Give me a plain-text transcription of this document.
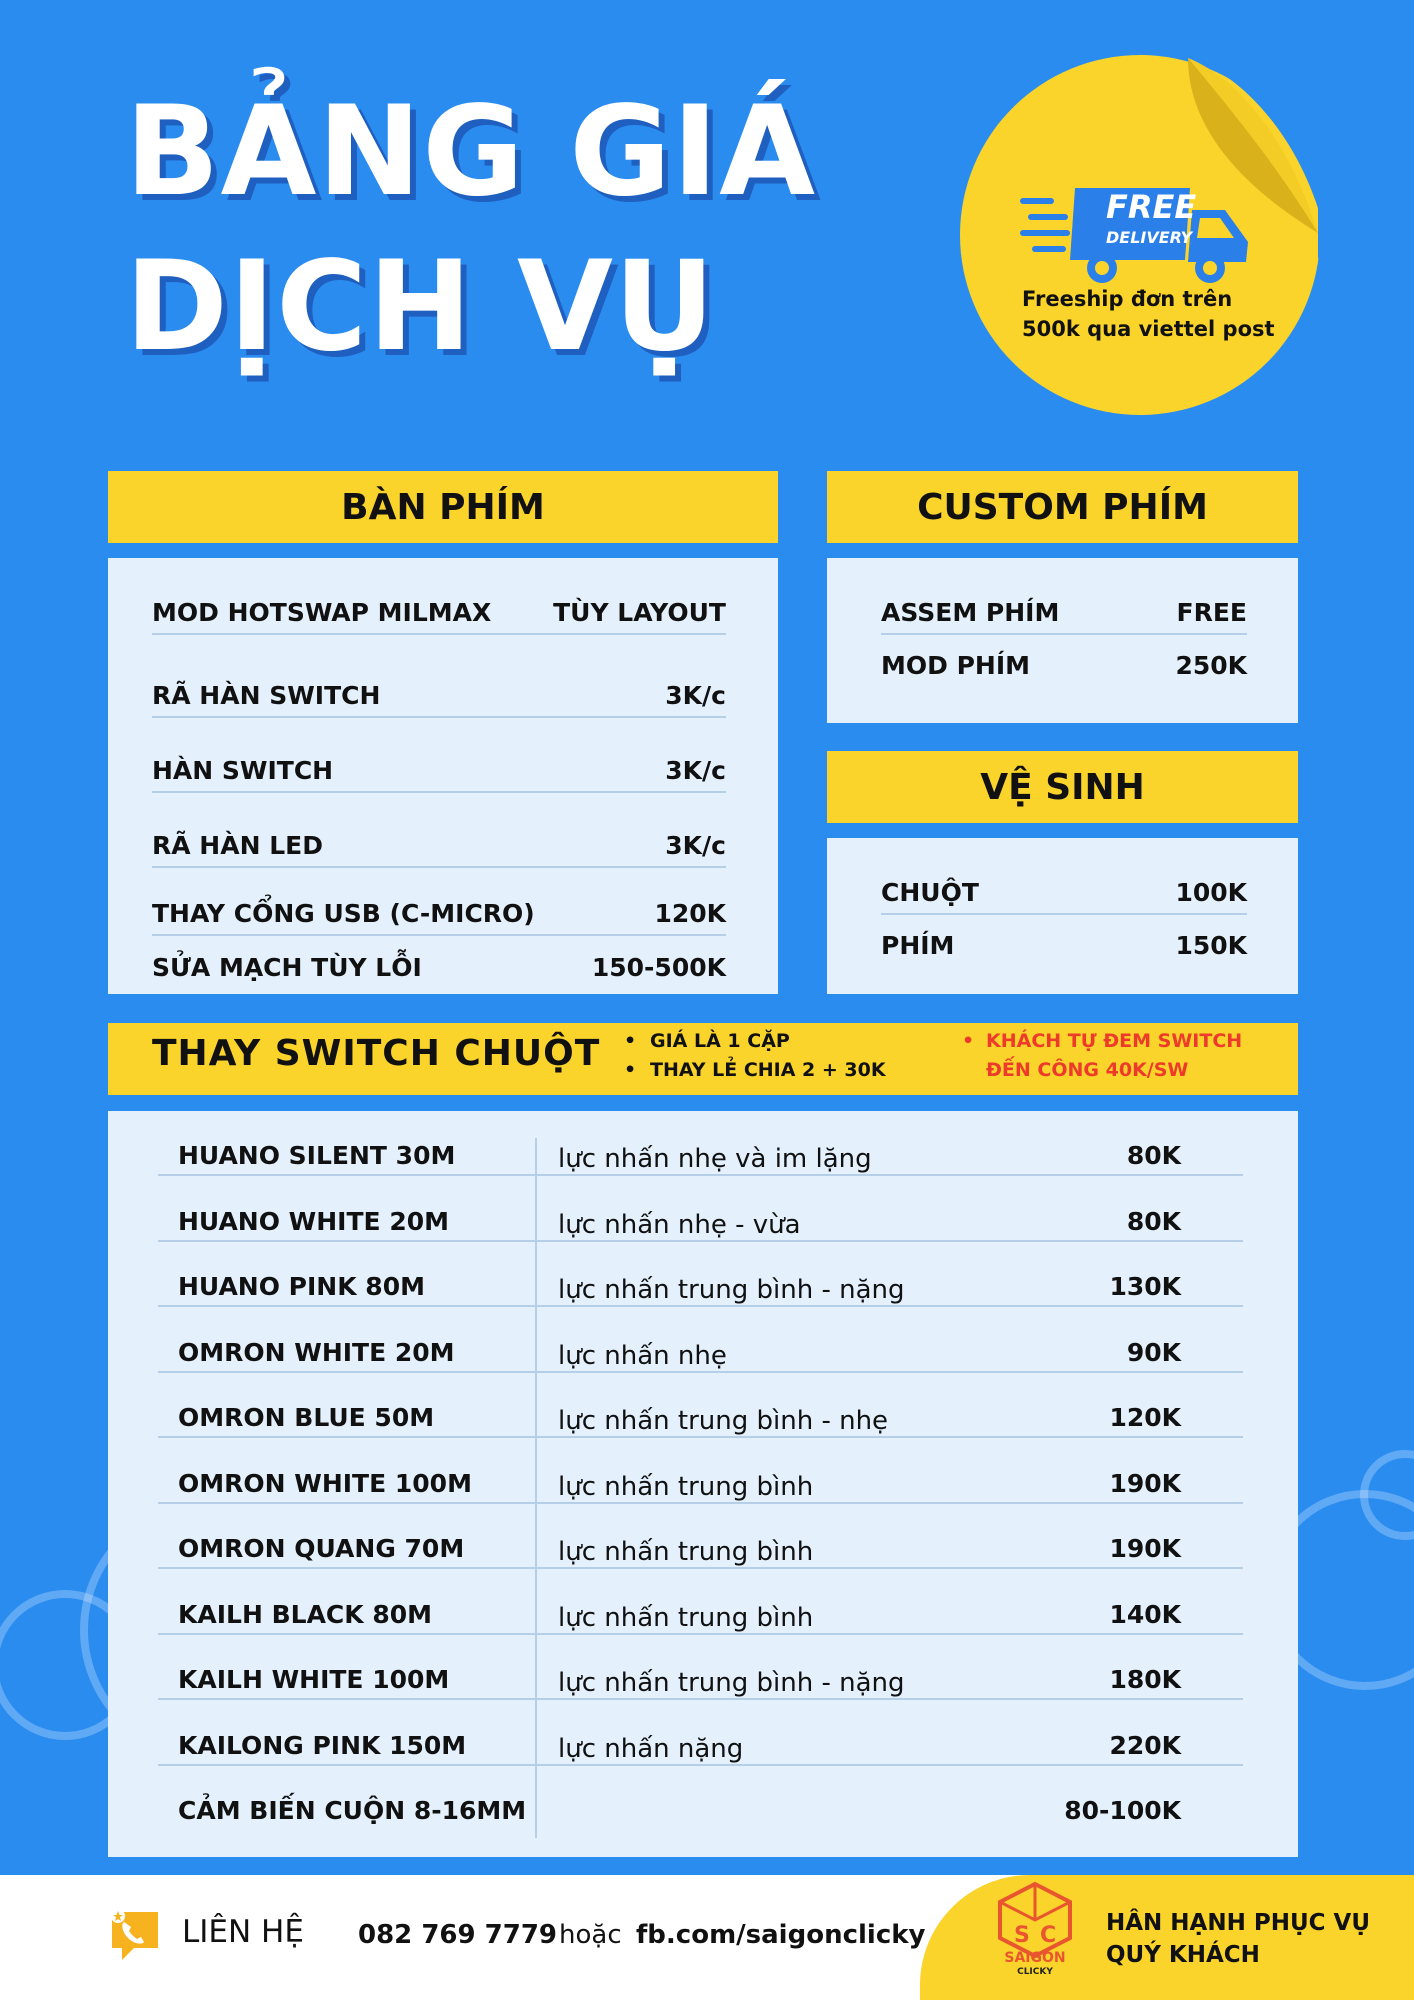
BẢNG GIÁ
DỊCH VỤ
FREE
DELIVERY
Freeship đơn trên
500k qua viettel post
BÀN PHÍM
MOD HOTSWAP MILMAX TÙY LAYOUT
RÃ HÀN SWITCH	3K/c
HÀN SWITCH	3K/c
RÃ HÀN LED	3K/c
THAY CỔNG USB (C-MICRO)	120K
SỬA MẠCH TÙY LỖI	150-500K
CUSTOM PHÍM
ASSEM PHÍM	FREE
MOD PHÍM	250K
VỆ SINH
CHUỘT	100K
PHÍM	150K
THAY SWITCH CHUỘT
•	GIÁ LÀ 1 CẶP
• THAY LẺ CHIA 2 + 30K
• KHÁCH TỰ ĐEM SWITCH
ĐẾN CÔNG 40K/SW
HUANO SILENT 30M	lực nhấn nhẹ và im lặng	80K
HUANO WHITE 20M	lực nhấn nhẹ - vừa	80K
HUANO PINK 80M	lực nhấn trung bình - nặng	130K
OMRON WHITE 20M	lực nhấn nhẹ	90K
OMRON BLUE 50M	lực nhấn trung bình - nhẹ	120K
OMRON WHITE 100M	lực nhấn trung bình	190K
OMRON QUANG 70M	lực nhấn trung bình	190K
KAILH BLACK 80M	lực nhấn trung bình	140K
KAILH WHITE 100M	lực nhấn trung bình - nặng	180K
KAILONG PINK 150M	lực nhấn nặng	220K
CẢM BIẾN CUỘN 8-16MM	80-100K
LIÊN HỆ 082 769 7779 hoặc fb.com/saigonclicky	S C
SAIGON
CLICKY
HÂN HẠNH PHỤC VỤ
QUÝ KHÁCH
